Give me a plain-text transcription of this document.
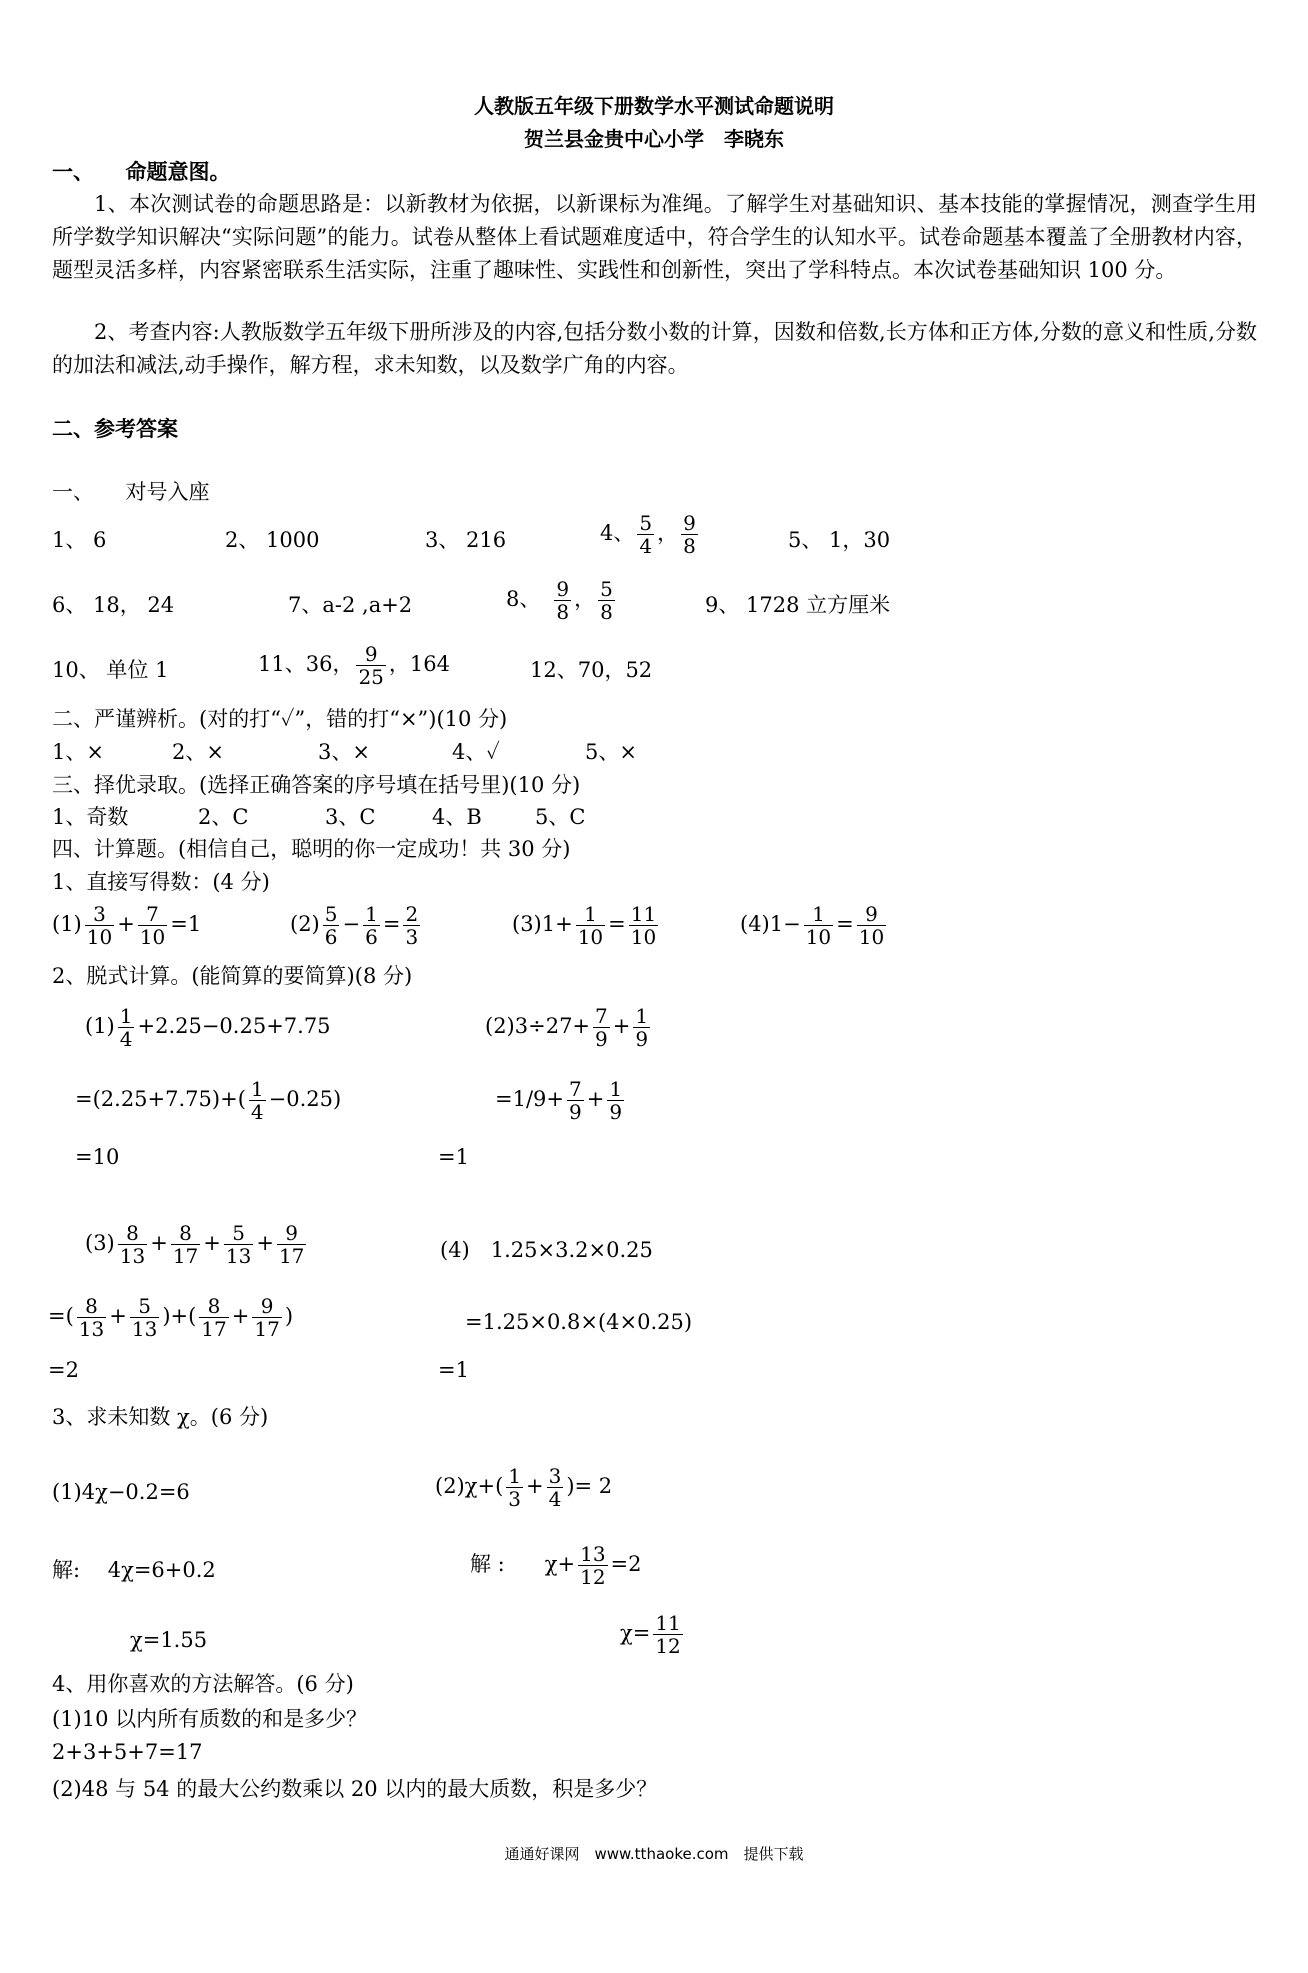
人教版五年级下册数学水平测试命题说明
贺兰县金贵中心小学　李晓东
一、　　命题意图。
1、本次测试卷的命题思路是：以新教材为依据，以新课标为准绳。了解学生对基础知识、基本技能的掌握情况，测查学生用所学数学知识解决“实际问题”的能力。试卷从整体上看试题难度适中，符合学生的认知水平。试卷命题基本覆盖了全册教材内容，题型灵活多样，内容紧密联系生活实际，注重了趣味性、实践性和创新性，突出了学科特点。本次试卷基础知识 100 分。
2、考查内容:人教版数学五年级下册所涉及的内容,包括分数小数的计算，因数和倍数,长方体和正方体,分数的意义和性质,分数的加法和减法,动手操作，解方程，求未知数，以及数学广角的内容。
二、参考答案
一、　　对号入座
1、 6	2、 1000	3、 216	4、 $\frac{5}{4}$ ， $\frac{9}{8}$	5、 1，30
6、 18， 24	7、a-2 ,a+2	8、 $\frac{9}{8}$ ， $\frac{5}{8}$	9、 1728 立方厘米
10、 单位 1	11、36， $\frac{9}{25}$ ，164	12、70，52
二、严谨辨析。(对的打“✓”，错的打“×”)(10 分)
1、×	2、×	3、×	4、✓	5、×
三、择优录取。(选择正确答案的序号填在括号里)(10 分)
1、奇数	2、C	3、C	4、B	5、C
四、计算题。(相信自己，聪明的你一定成功！共 30 分)
1、直接写得数：(4 分)
$(1) \frac{3}{10} + \frac{7}{10} =1$	$(2) \frac{5}{6} - \frac{1}{6} = \frac{2}{3}$	$(3)1+ \frac{1}{10} = \frac{11}{10}$	$(4)1- \frac{1}{10} = \frac{9}{10}$
2、脱式计算。(能简算的要简算)(8 分)
$(1) \frac{1}{4} +2.25-0.25+7.75$
$=(2.25+7.75)+( \frac{1}{4} -0.25)$
=10
$(2)3\div 27+ \frac{7}{9} + \frac{1}{9}$
$=1/9+ \frac{7}{9} + \frac{1}{9}$
=1
$(3) \frac{8}{13} + \frac{8}{17} + \frac{5}{13} + \frac{9}{17}$
=( $\frac{8}{13} + \frac{5}{13}$ )+( $\frac{8}{17} + \frac{9}{17}$ )
=2
(4)　1.25×3.2×0.25
=1.25×0.8×(4×0.25)
=1
3、求未知数 χ。(6 分)
(1)4χ−0.2=6
解:　 4χ=6+0.2
χ=1.55
$(2)\chi+( \frac{1}{3} + \frac{3}{4}$ )= 2
解 : $\chi+ \frac{13}{12} =2$
$\chi= \frac{11}{12}$
4、用你喜欢的方法解答。(6 分)
(1)10 以内所有质数的和是多少？
2+3+5+7=17
(2)48 与 54 的最大公约数乘以 20 以内的最大质数，积是多少？
通通好课网　www.tthaoke.com　提供下载
